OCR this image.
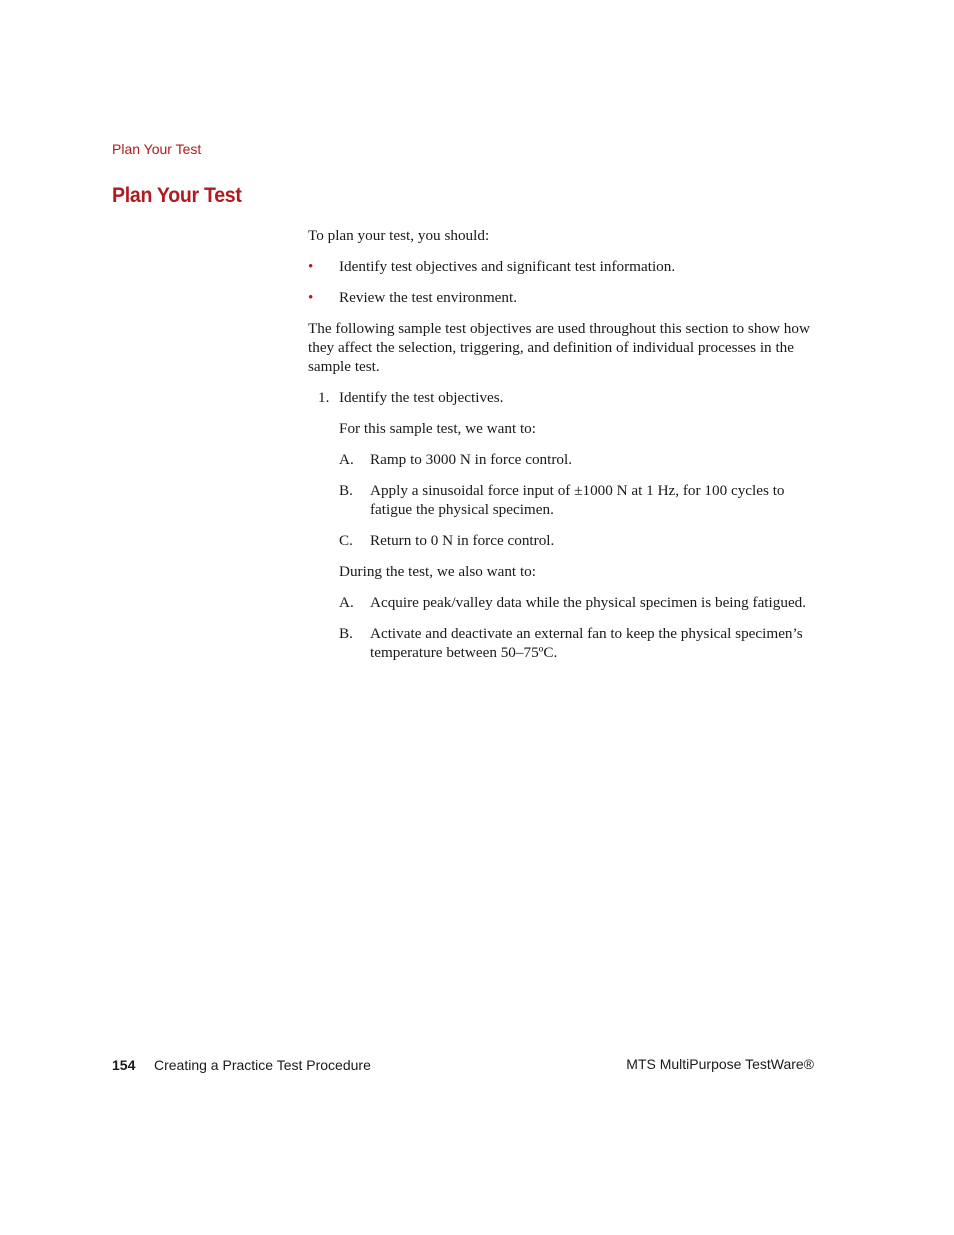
Plan Your Test
Plan Your Test

To plan your test, you should:

• Identify test objectives and significant test information.
• Review the test environment.

The following sample test objectives are used throughout this section to show how they affect the selection, triggering, and definition of individual processes in the sample test.

1. Identify the test objectives.

For this sample test, we want to:

A. Ramp to 3000 N in force control.
B. Apply a sinusoidal force input of ±1000 N at 1 Hz, for 100 cycles to fatigue the physical specimen.
C. Return to 0 N in force control.

During the test, we also want to:

A. Acquire peak/valley data while the physical specimen is being fatigued.
B. Activate and deactivate an external fan to keep the physical specimen’s temperature between 50–75ºC.
154 Creating a Practice Test Procedure	MTS MultiPurpose TestWare®
